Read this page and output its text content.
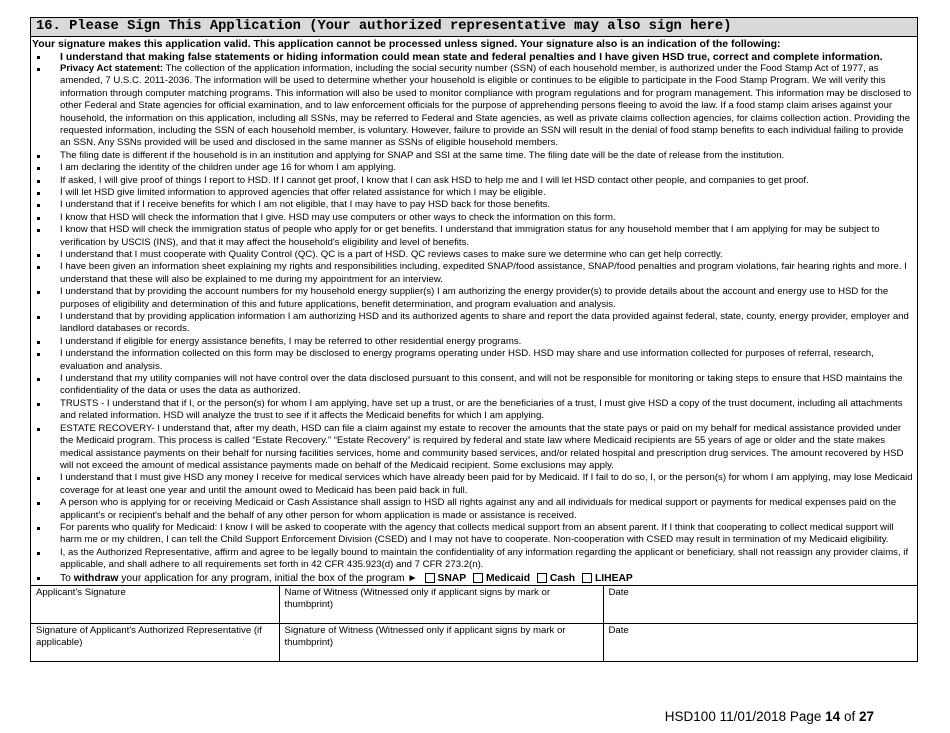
16. Please Sign This Application (Your authorized representative may also sign here)
Your signature makes this application valid. This application cannot be processed unless signed. Your signature also is an indication of the following:
I understand that making false statements or hiding information could mean state and federal penalties and I have given HSD true, correct and complete information.
Privacy Act statement: The collection of the application information, including the social security number (SSN) of each household member, is authorized under the Food Stamp Act of 1977, as amended, 7 U.S.C. 2011-2036. The information will be used to determine whether your household is eligible or continues to be eligible to participate in the Food Stamp Program. We will verify this information through computer matching programs. This information will also be used to monitor compliance with program regulations and for program management. This information may be disclosed to other Federal and State agencies for official examination, and to law enforcement officials for the purpose of apprehending persons fleeing to avoid the law. If a food stamp claim arises against your household, the information on this application, including all SSNs, may be referred to Federal and State agencies, as well as private claims collection agencies, for claims collection action. Providing the requested information, including the SSN of each household member, is voluntary. However, failure to provide an SSN will result in the denial of food stamp benefits to each individual failing to provide an SSN. Any SSNs provided will be used and disclosed in the same manner as SSNs of eligible household members.
The filing date is different if the household is in an institution and applying for SNAP and SSI at the same time. The filing date will be the date of release from the institution.
I am declaring the identity of the children under age 16 for whom I am applying.
If asked, I will give proof of things I report to HSD. If I cannot get proof, I know that I can ask HSD to help me and I will let HSD contact other people, and companies to get proof.
I will let HSD give limited information to approved agencies that offer related assistance for which I may be eligible.
I understand that if I receive benefits for which I am not eligible, that I may have to pay HSD back for those benefits.
I know that HSD will check the information that I give. HSD may use computers or other ways to check the information on this form.
I know that HSD will check the immigration status of people who apply for or get benefits. I understand that immigration status for any household member that I am applying for may be subject to verification by USCIS (INS), and that it may affect the household's eligibility and level of benefits.
I understand that I must cooperate with Quality Control (QC). QC is a part of HSD. QC reviews cases to make sure we determine who can get help correctly.
I have been given an information sheet explaining my rights and responsibilities including, expedited SNAP/food assistance, SNAP/food penalties and program violations, fair hearing rights and more. I understand that these will also be explained to me during my appointment for an interview.
I understand that by providing the account numbers for my household energy supplier(s) I am authorizing the energy provider(s) to provide details about the account and energy use to HSD for the purposes of eligibility and determination of this and future applications, benefit determination, and program evaluation and analysis.
I understand that by providing application information I am authorizing HSD and its authorized agents to share and report the data provided against federal, state, county, energy provider, employer and landlord databases or records.
I understand if eligible for energy assistance benefits, I may be referred to other residential energy programs.
I understand the information collected on this form may be disclosed to energy programs operating under HSD. HSD may share and use information collected for purposes of referral, research, evaluation and analysis.
I understand that my utility companies will not have control over the data disclosed pursuant to this consent, and will not be responsible for monitoring or taking steps to ensure that HSD maintains the confidentiality of the data or uses the data as authorized.
TRUSTS - I understand that if I, or the person(s) for whom I am applying, have set up a trust, or are the beneficiaries of a trust, I must give HSD a copy of the trust document, including all attachments and related information. HSD will analyze the trust to see if it affects the Medicaid benefits for which I am applying.
ESTATE RECOVERY- I understand that, after my death, HSD can file a claim against my estate to recover the amounts that the state pays or paid on my behalf for medical assistance provided under the Medicaid program. This process is called “Estate Recovery.” “Estate Recovery” is required by federal and state law where Medicaid recipients are 55 years of age or older and the state makes medical assistance payments on their behalf for nursing facilities services, home and community based services, and/or related hospital and prescription drug services. The amount recovered by HSD will not exceed the amount of medical assistance payments made on behalf of the Medicaid recipient. Some exclusions may apply.
I understand that I must give HSD any money I receive for medical services which have already been paid for by Medicaid. If I fail to do so, I, or the person(s) for whom I am applying, may lose Medicaid coverage for at least one year and until the amount owed to Medicaid has been paid back in full.
A person who is applying for or receiving Medicaid or Cash Assistance shall assign to HSD all rights against any and all individuals for medical support or payments for medical expenses paid on the applicant's or recipient's behalf and the behalf of any other person for whom application is made or assistance is received.
For parents who qualify for Medicaid: I know I will be asked to cooperate with the agency that collects medical support from an absent parent. If I think that cooperating to collect medical support will harm me or my children, I can tell the Child Support Enforcement Division (CSED) and I may not have to cooperate. Non-cooperation with CSED may result in termination of my Medicaid eligibility.
I, as the Authorized Representative, affirm and agree to be legally bound to maintain the confidentiality of any information regarding the applicant or beneficiary, shall not reassign any provider claims, if applicable, and shall adhere to all requirements set forth in 42 CFR 435.923(d) and 7 CFR 273.2(n).
To withdraw your application for any program, initial the box of the program ► SNAP Medicaid Cash LIHEAP
Applicant's Signature	Name of Witness (Witnessed only if applicant signs by mark or thumbprint)	Date
Signature of Applicant's Authorized Representative (if applicable)	Signature of Witness (Witnessed only if applicant signs by mark or thumbprint)	Date
HSD100 11/01/2018 Page 14 of 27
